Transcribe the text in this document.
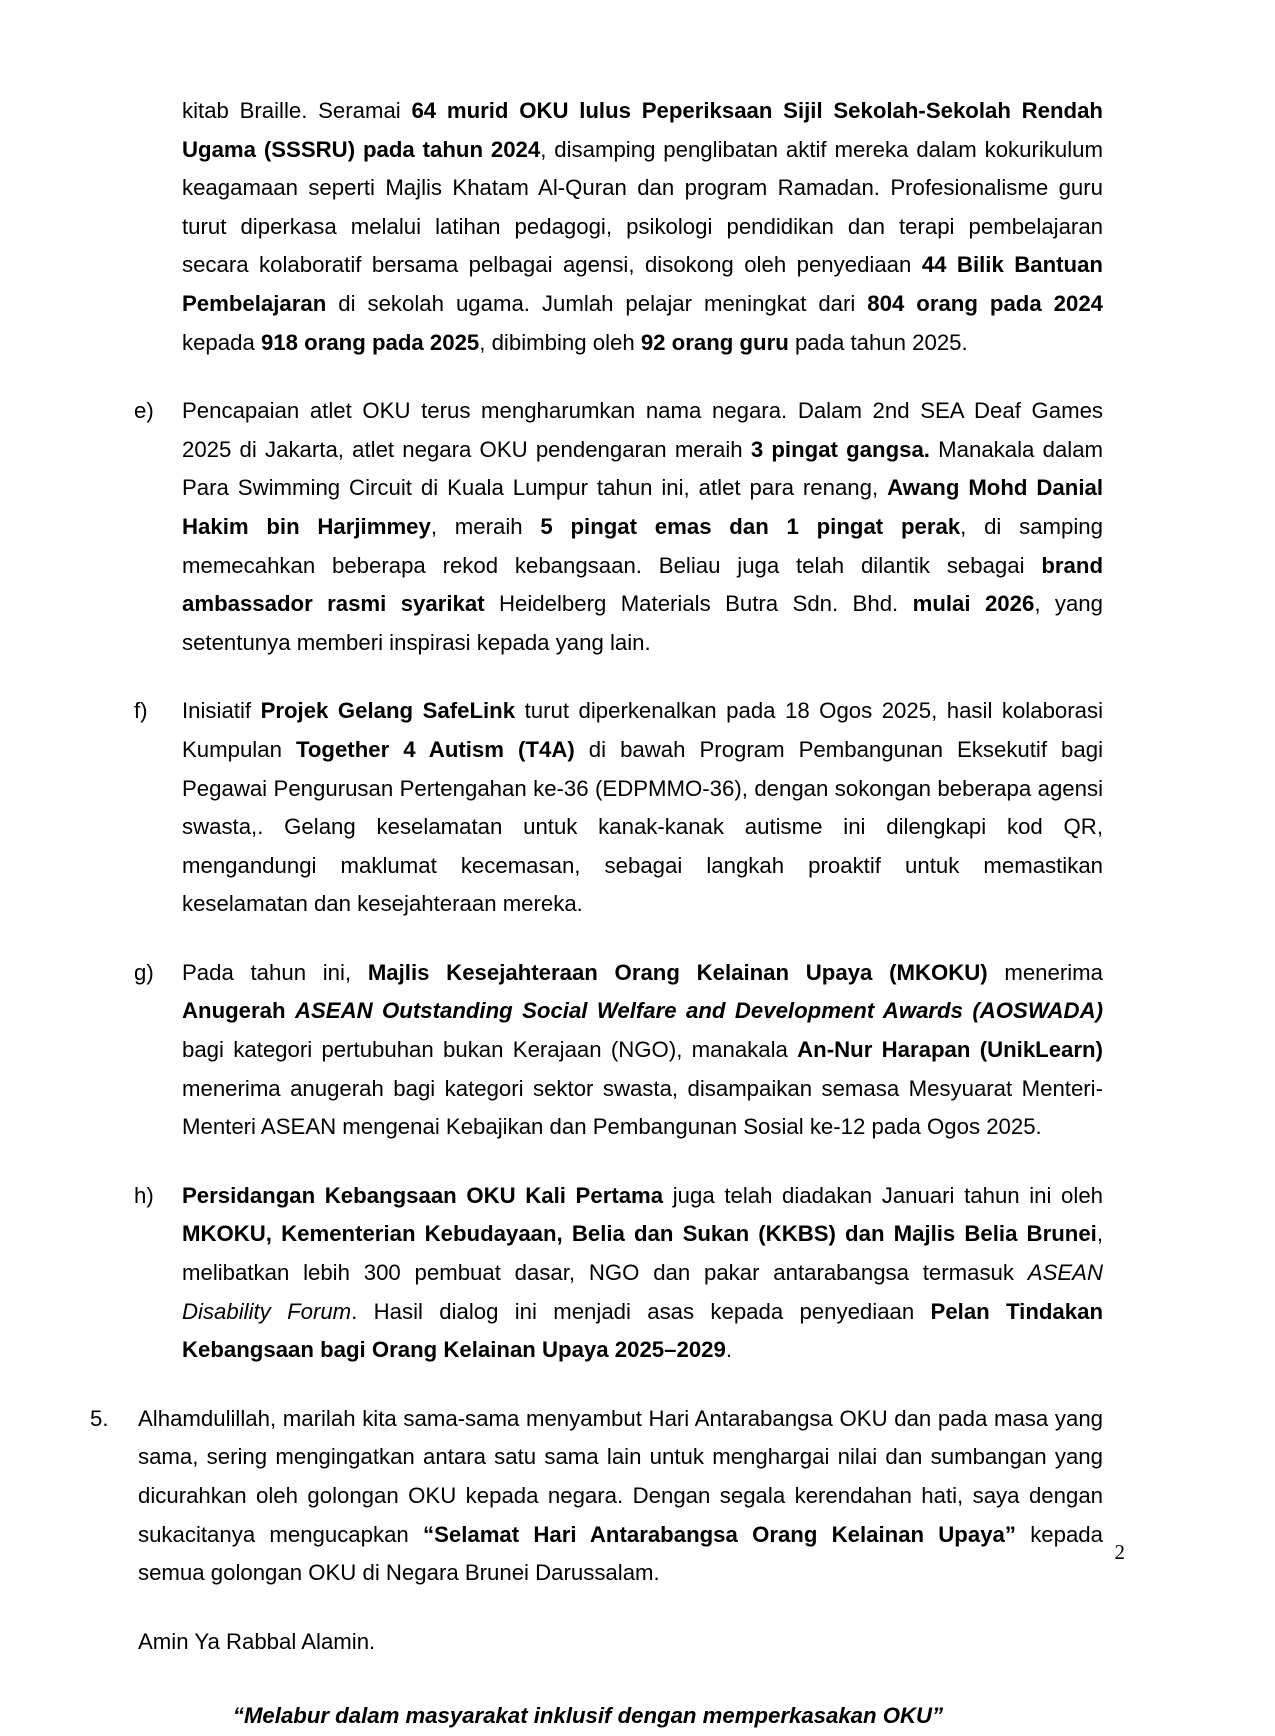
kitab Braille. Seramai 64 murid OKU lulus Peperiksaan Sijil Sekolah-Sekolah Rendah Ugama (SSSRU) pada tahun 2024, disamping penglibatan aktif mereka dalam kokurikulum keagamaan seperti Majlis Khatam Al-Quran dan program Ramadan. Profesionalisme guru turut diperkasa melalui latihan pedagogi, psikologi pendidikan dan terapi pembelajaran secara kolaboratif bersama pelbagai agensi, disokong oleh penyediaan 44 Bilik Bantuan Pembelajaran di sekolah ugama. Jumlah pelajar meningkat dari 804 orang pada 2024 kepada 918 orang pada 2025, dibimbing oleh 92 orang guru pada tahun 2025.
e)	Pencapaian atlet OKU terus mengharumkan nama negara. Dalam 2nd SEA Deaf Games 2025 di Jakarta, atlet negara OKU pendengaran meraih 3 pingat gangsa. Manakala dalam Para Swimming Circuit di Kuala Lumpur tahun ini, atlet para renang, Awang Mohd Danial Hakim bin Harjimmey, meraih 5 pingat emas dan 1 pingat perak, di samping memecahkan beberapa rekod kebangsaan. Beliau juga telah dilantik sebagai brand ambassador rasmi syarikat Heidelberg Materials Butra Sdn. Bhd. mulai 2026, yang setentunya memberi inspirasi kepada yang lain.
f)	Inisiatif Projek Gelang SafeLink turut diperkenalkan pada 18 Ogos 2025, hasil kolaborasi Kumpulan Together 4 Autism (T4A) di bawah Program Pembangunan Eksekutif bagi Pegawai Pengurusan Pertengahan ke-36 (EDPMMO-36), dengan sokongan beberapa agensi swasta,. Gelang keselamatan untuk kanak-kanak autisme ini dilengkapi kod QR, mengandungi maklumat kecemasan, sebagai langkah proaktif untuk memastikan keselamatan dan kesejahteraan mereka.
g)	Pada tahun ini, Majlis Kesejahteraan Orang Kelainan Upaya (MKOKU) menerima Anugerah ASEAN Outstanding Social Welfare and Development Awards (AOSWADA) bagi kategori pertubuhan bukan Kerajaan (NGO), manakala An-Nur Harapan (UnikLearn) menerima anugerah bagi kategori sektor swasta, disampaikan semasa Mesyuarat Menteri-Menteri ASEAN mengenai Kebajikan dan Pembangunan Sosial ke-12 pada Ogos 2025.
h)	Persidangan Kebangsaan OKU Kali Pertama juga telah diadakan Januari tahun ini oleh MKOKU, Kementerian Kebudayaan, Belia dan Sukan (KKBS) dan Majlis Belia Brunei, melibatkan lebih 300 pembuat dasar, NGO dan pakar antarabangsa termasuk ASEAN Disability Forum. Hasil dialog ini menjadi asas kepada penyediaan Pelan Tindakan Kebangsaan bagi Orang Kelainan Upaya 2025–2029.
5.	Alhamdulillah, marilah kita sama-sama menyambut Hari Antarabangsa OKU dan pada masa yang sama, sering mengingatkan antara satu sama lain untuk menghargai nilai dan sumbangan yang dicurahkan oleh golongan OKU kepada negara. Dengan segala kerendahan hati, saya dengan sukacitanya mengucapkan “Selamat Hari Antarabangsa Orang Kelainan Upaya” kepada semua golongan OKU di Negara Brunei Darussalam.
Amin Ya Rabbal Alamin.
“Melabur dalam masyarakat inklusif dengan memperkasakan OKU”
2
